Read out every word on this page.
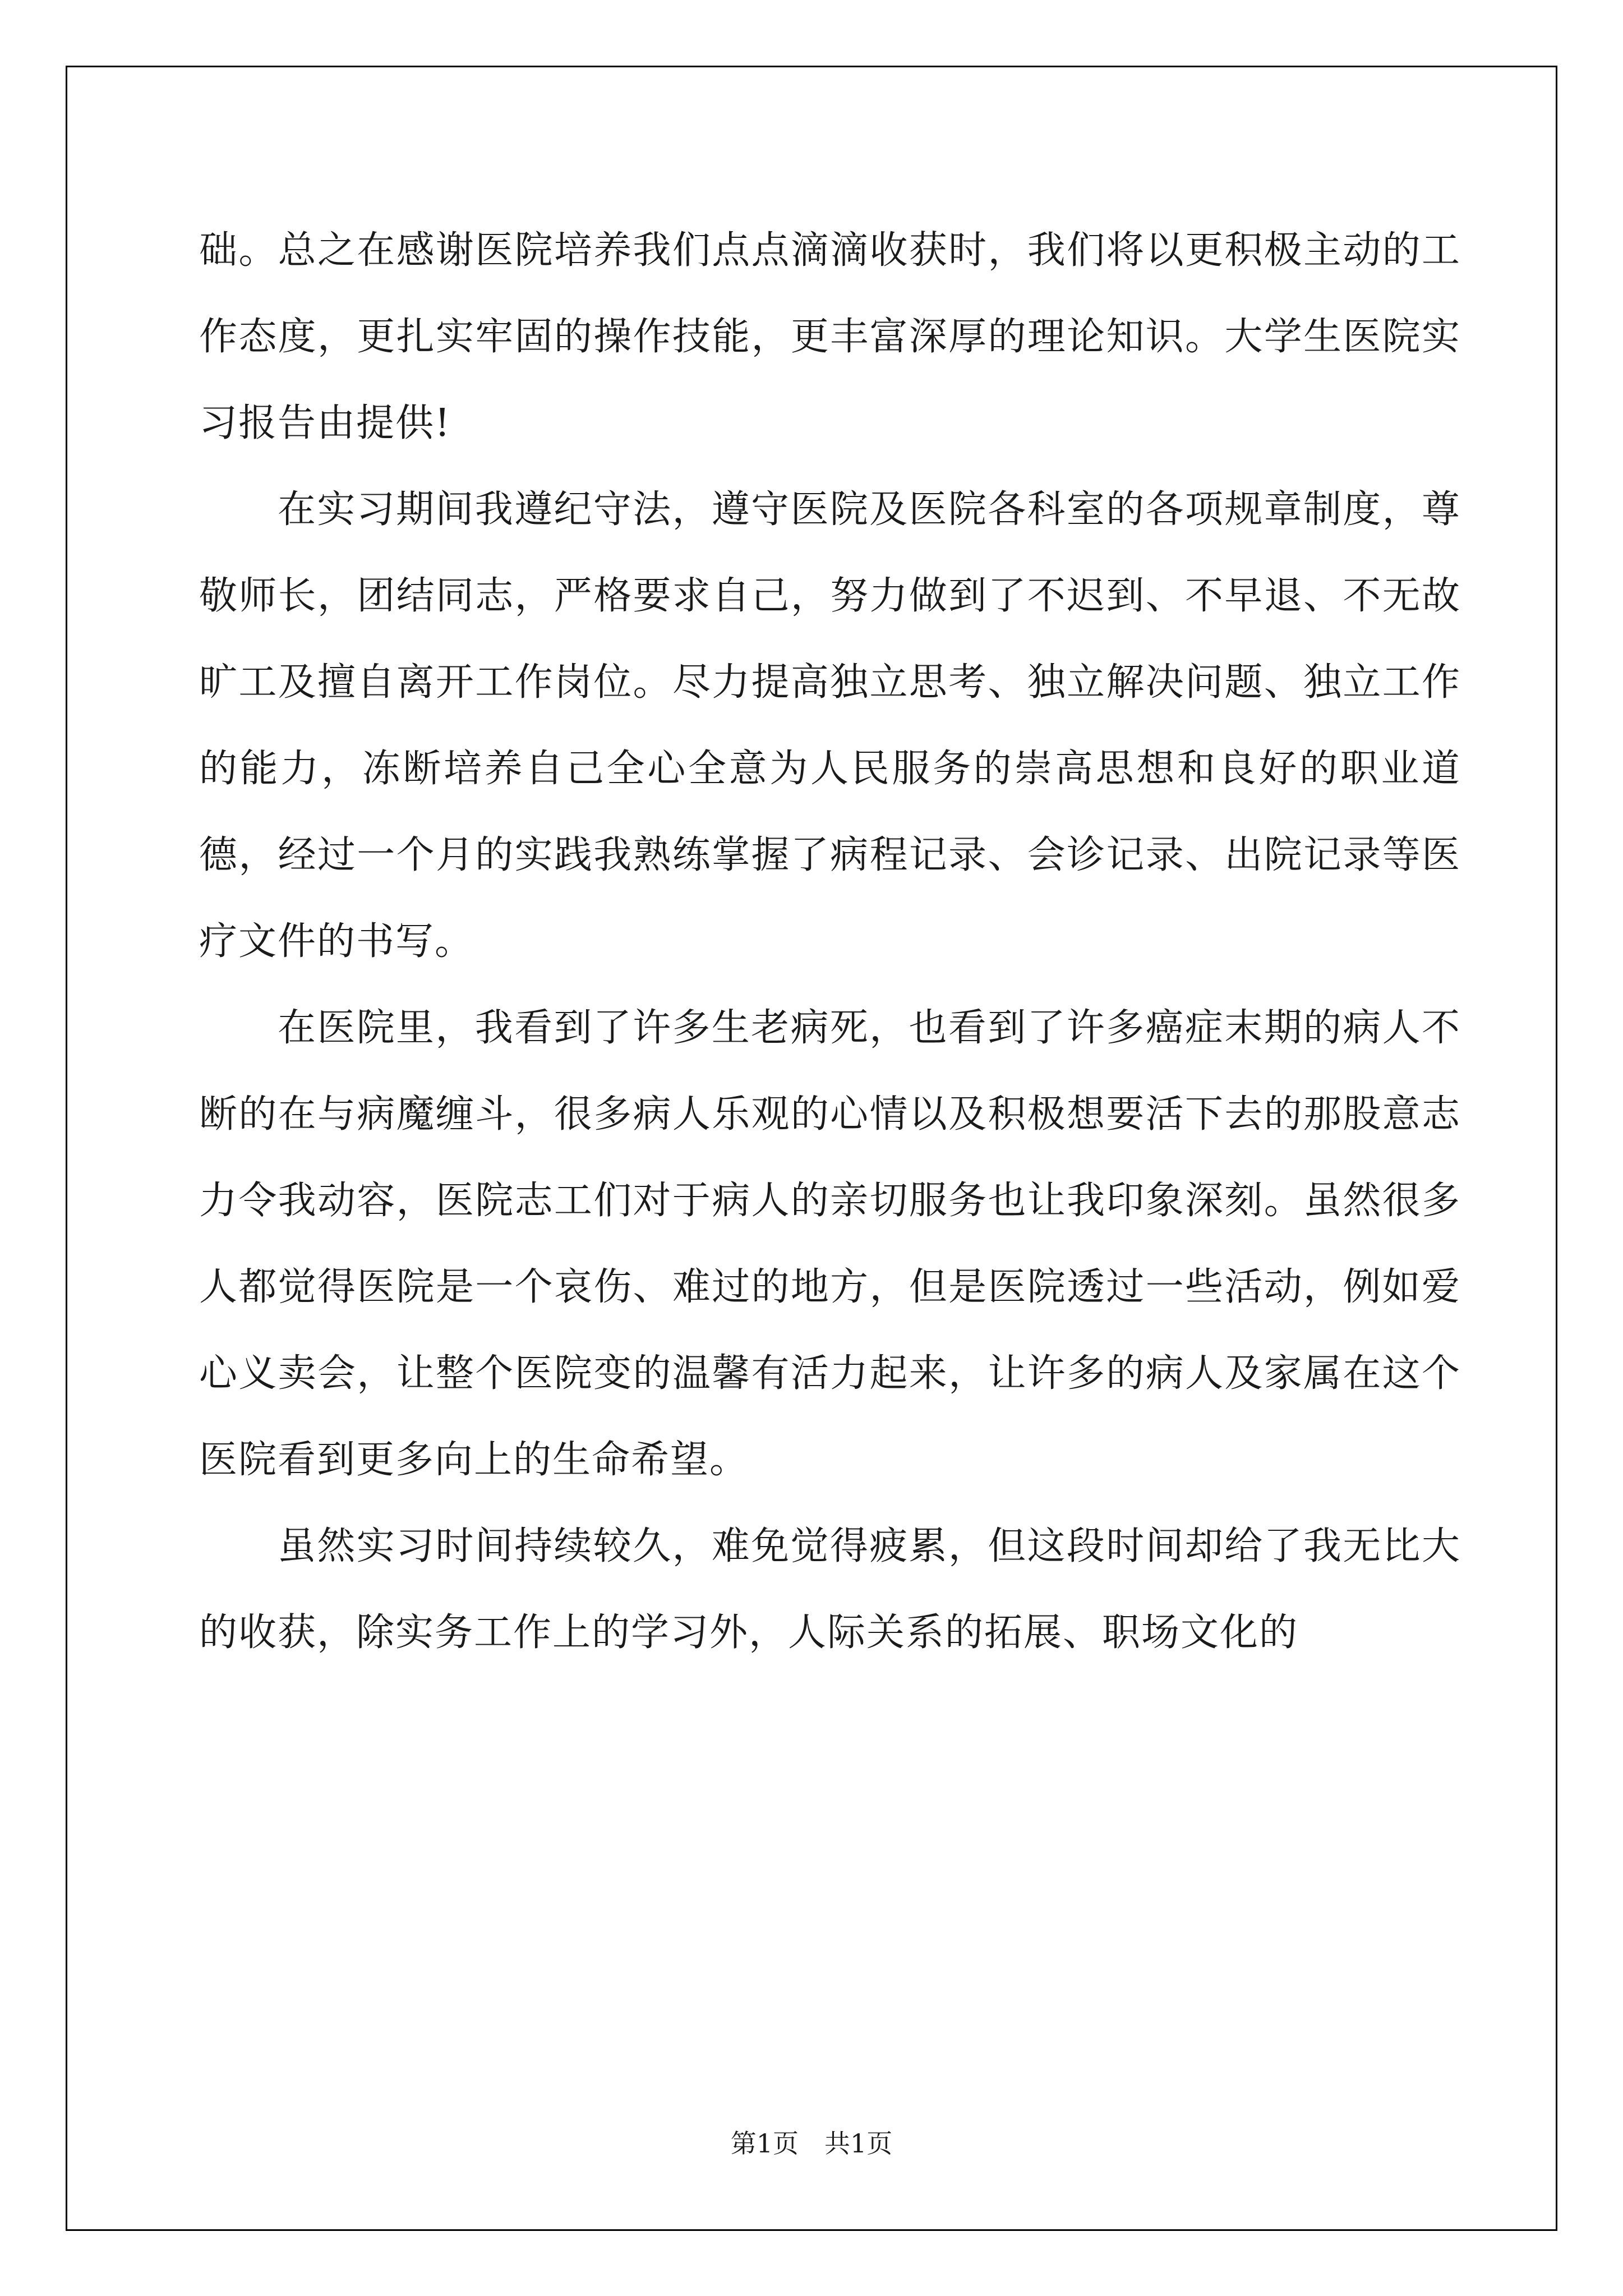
础。总之在感谢医院培养我们点点滴滴收获时，我们将以更积极主动的工作态度，更扎实牢固的操作技能，更丰富深厚的理论知识。大学生医院实习报告由提供!

在实习期间我遵纪守法，遵守医院及医院各科室的各项规章制度，尊敬师长，团结同志，严格要求自己，努力做到了不迟到、不早退、不无故旷工及擅自离开工作岗位。尽力提高独立思考、独立解决问题、独立工作的能力，冻断培养自己全心全意为人民服务的崇高思想和良好的职业道德，经过一个月的实践我熟练掌握了病程记录、会诊记录、出院记录等医疗文件的书写。

在医院里，我看到了许多生老病死，也看到了许多癌症末期的病人不断的在与病魔缠斗，很多病人乐观的心情以及积极想要活下去的那股意志力令我动容，医院志工们对于病人的亲切服务也让我印象深刻。虽然很多人都觉得医院是一个哀伤、难过的地方，但是医院透过一些活动，例如爱心义卖会，让整个医院变的温馨有活力起来，让许多的病人及家属在这个医院看到更多向上的生命希望。

虽然实习时间持续较久，难免觉得疲累，但这段时间却给了我无比大的收获，除实务工作上的学习外，人际关系的拓展、职场文化的

第1页　共1页
